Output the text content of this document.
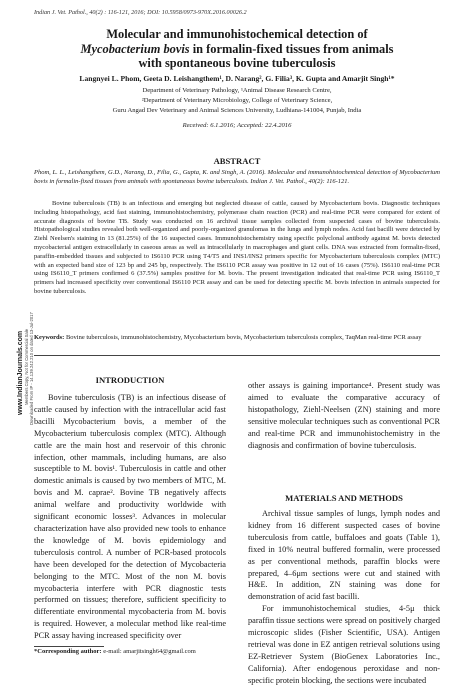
Indian J. Vet. Pathol., 40(2) : 116-121, 2016; DOI: 10.5958/0973-970X.2016.00026.2
Molecular and immunohistochemical detection of
Mycobacterium bovis in formalin-fixed tissues from animals
with spontaneous bovine tuberculosis
Langnyei L. Phom, Geeta D. Leishangthem¹, D. Narang², G. Filia³, K. Gupta and Amarjit Singh¹*
Department of Veterinary Pathology, ¹Animal Disease Research Centre,
²Department of Veterinary Microbiology, College of Veterinary Science,
Guru Angad Dev Veterinary and Animal Sciences University, Ludhiana-141004, Punjab, India
Received: 6.1.2016; Accepted: 22.4.2016
ABSTRACT
Phom, L. L., Leishangthem, G.D., Narang, D., Filia, G., Gupta, K. and Singh, A. (2016). Molecular and immunohistochemical detection of Mycobacterium bovis in formalin-fixed tissues from animals with spontaneous bovine tuberculosis. Indian J. Vet. Pathol., 40(2): 116-121.
Bovine tuberculosis (TB) is an infectious and emerging but neglected disease of cattle, caused by Mycobacterium bovis. Diagnostic techniques including histopathology, acid fast staining, immunohistochemistry, polymerase chain reaction (PCR) and real-time PCR were compared for extent of accurate diagnosis of bovine TB. Study was conducted on 16 archival tissue samples collected from suspected cases of bovine tuberculosis. Histopathological studies revealed both well-organized and poorly-organized granulomas in the lungs and lymph nodes. Acid fast bacilli were detected by Ziehl Neelsen's staining in 13 (81.25%) of the 16 suspected cases. Immunohistochemistry using specific polyclonal antibody against M. bovis detected mycobacterial antigen extracellularly in caseous areas as well as intracellularly in macrophages and giant cells. DNA was extracted from formalin-fixed, paraffin-embedded tissues and subjected to IS6110 PCR using T4/T5 and INS1/INS2 primers specific for Mycobacterium tuberculosis complex (MTC) with an expected band size of 123 bp and 245 bp, respectively. The IS6110 PCR assay was positive in 12 out of 16 cases (75%). IS6110 real-time PCR using IS6110_T primers confirmed 6 (37.5%) samples positive for M. bovis. The present investigation indicated that real-time PCR using IS6110_T primers had increased specificity over conventional IS6110 PCR assay and can be used for detecting specific M. bovis infection in animals suspected for bovine tuberculosis.
Keywords: Bovine tuberculosis, immunohistochemistry, Mycobacterium bovis, Mycobacterium tuberculosis complex, TaqMan real-time PCR assay
www.IndianJournals.com Members Copy, Not for Commercial Sale Downloaded From IP - 14.139.242.210 on dated 13-Jul-2017	INTRODUCTION

Bovine tuberculosis (TB) is an infectious disease of cattle caused by infection with the intracellular acid fast bacilli Mycobacterium bovis, a member of the Mycobacterium tuberculosis complex (MTC). Although cattle are the main host and reservoir of this chronic infection, other mammals, including humans, are also susceptible to M. bovis¹. Tuberculosis in cattle and other domestic animals is caused by two members of MTC, M. bovis and M. caprae². Bovine TB negatively affects animal welfare and productivity worldwide with significant economic losses³. Advances in molecular characterization have also provided new tools to enhance the knowledge of M. bovis epidemiology and tuberculosis control. A number of PCR-based protocols have been developed for the detection of Mycobacteria belonging to the MTC. Most of the non M. bovis mycobacteria interfere with PCR diagnostic tests performed on tissues; therefore, sufficient specificity to differentiate environmental mycobacteria from M. bovis is required. However, a molecular method like real-time PCR assay having increased specificity over

other assays is gaining importance⁴. Present study was aimed to evaluate the comparative accuracy of histopathology, Ziehl-Neelsen (ZN) staining and more sensitive molecular techniques such as conventional PCR and real-time PCR and immunohistochemistry in the diagnosis and confirmation of bovine tuberculosis.

MATERIALS AND METHODS

Archival tissue samples of lungs, lymph nodes and kidney from 16 different suspected cases of bovine tuberculosis from cattle, buffaloes and goats (Table 1), fixed in 10% neutral buffered formalin, were processed as per conventional methods, paraffin blocks were prepared, 4–6μm sections were cut and stained with H&E. In addition, ZN staining was done for demonstration of acid fast bacilli.

For immunohistochemical studies, 4-5μ thick paraffin tissue sections were spread on positively charged microscopic slides (Fisher Scientific, USA). Antigen retrieval was done in EZ antigen retrieval solutions using EZ-Retriever System (BioGenex Laboratories Inc., California). After endogenous peroxidase and non-specific protein blocking, the sections were incubated

*Corresponding author: e-mail: amarjitsingh64@gmail.com
